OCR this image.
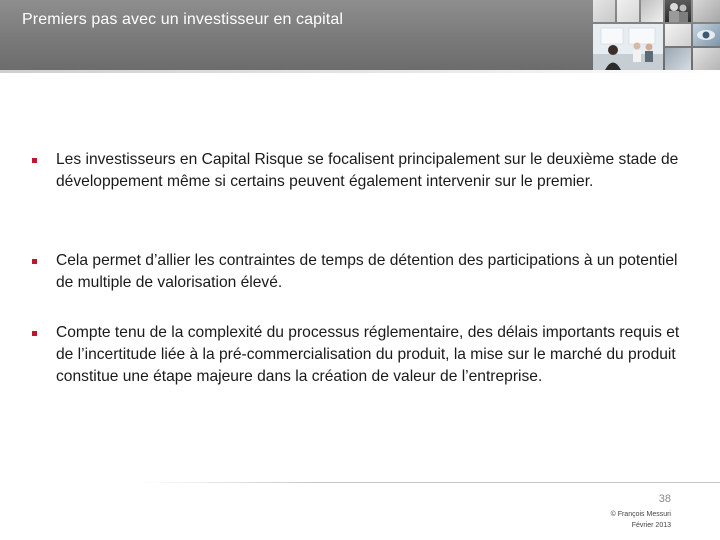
Premiers pas avec un investisseur en capital
Les investisseurs en Capital Risque se focalisent principalement sur le deuxième stade de développement même si certains peuvent également intervenir sur le premier.
Cela permet d’allier les contraintes de temps de détention des participations à un potentiel de multiple de valorisation élevé.
Compte tenu de la complexité du processus réglementaire, des délais importants requis et de l’incertitude liée à la pré-commercialisation du produit, la mise sur le marché du produit constitue une étape majeure dans la création de valeur de l’entreprise.
38
© François Messuri
Février 2013
